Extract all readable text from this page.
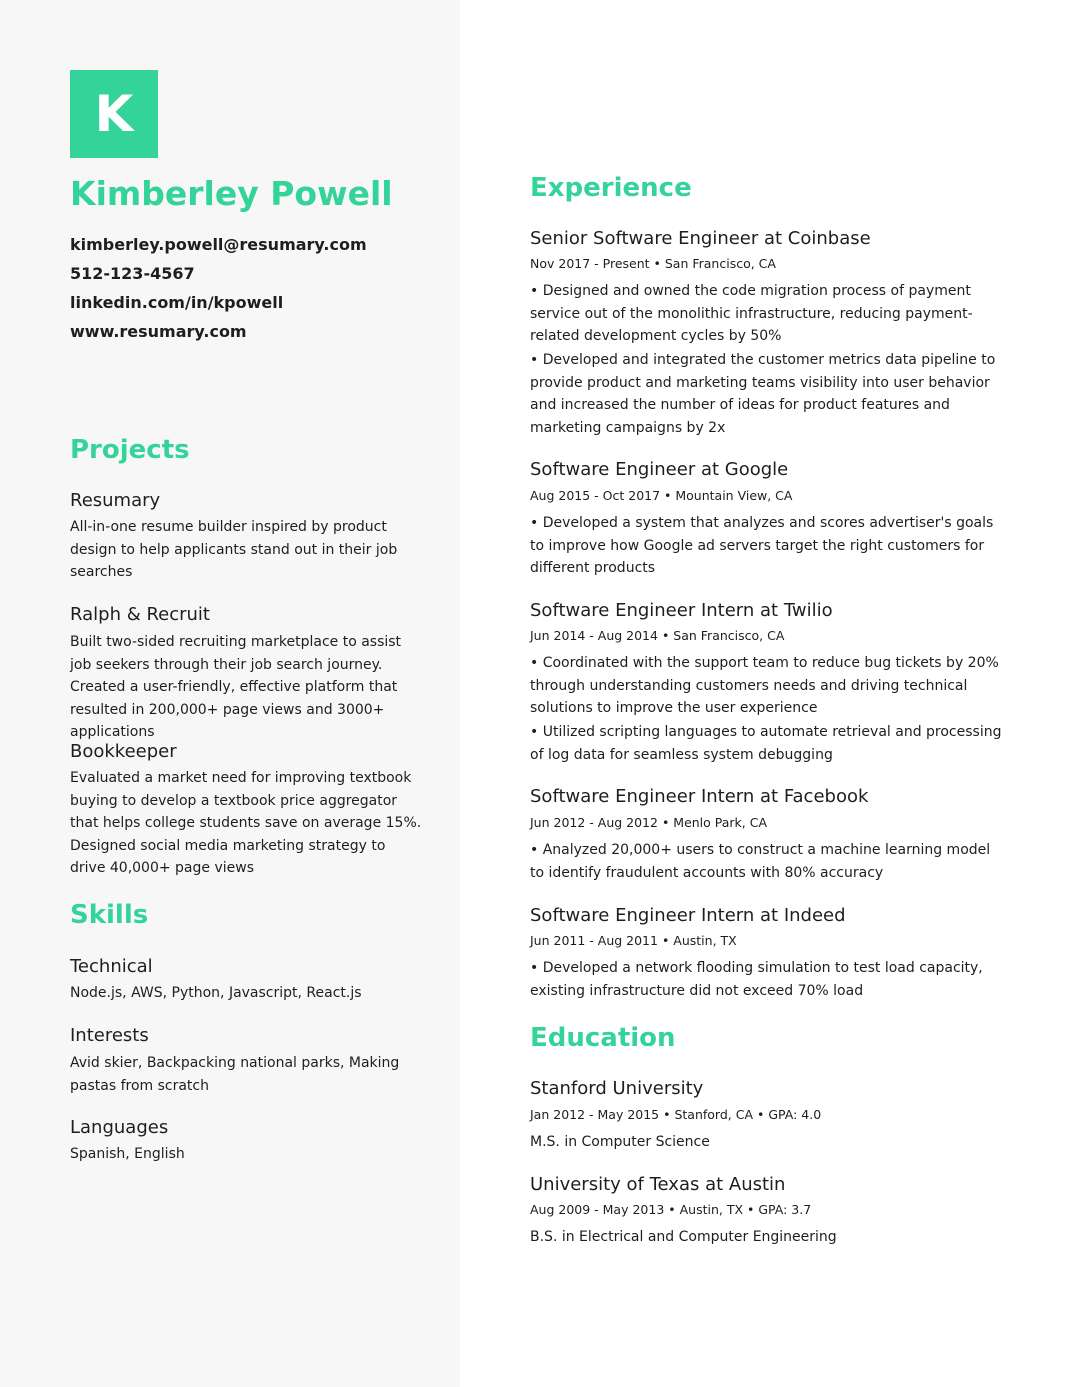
K
Kimberley Powell
kimberley.powell@resumary.com
512-123-4567
linkedin.com/in/kpowell
www.resumary.com
Projects
Resumary
All-in-one resume builder inspired by product design to help applicants stand out in their job searches
Ralph & Recruit
Built two-sided recruiting marketplace to assist job seekers through their job search journey. Created a user-friendly, effective platform that resulted in 200,000+ page views and 3000+ applications
Bookkeeper
Evaluated a market need for improving textbook buying to develop a textbook price aggregator that helps college students save on average 15%. Designed social media marketing strategy to drive 40,000+ page views
Skills
Technical
Node.js, AWS, Python, Javascript, React.js
Interests
Avid skier, Backpacking national parks, Making pastas from scratch
Languages
Spanish, English
Experience
Senior Software Engineer at Coinbase
Nov 2017 - Present • San Francisco, CA
• Designed and owned the code migration process of payment service out of the monolithic infrastructure, reducing payment-related development cycles by 50%
• Developed and integrated the customer metrics data pipeline to provide product and marketing teams visibility into user behavior and increased the number of ideas for product features and marketing campaigns by 2x
Software Engineer at Google
Aug 2015 - Oct 2017 • Mountain View, CA
• Developed a system that analyzes and scores advertiser's goals to improve how Google ad servers target the right customers for different products
Software Engineer Intern at Twilio
Jun 2014 - Aug 2014 • San Francisco, CA
• Coordinated with the support team to reduce bug tickets by 20% through understanding customers needs and driving technical solutions to improve the user experience
• Utilized scripting languages to automate retrieval and processing of log data for seamless system debugging
Software Engineer Intern at Facebook
Jun 2012 - Aug 2012 • Menlo Park, CA
• Analyzed 20,000+ users to construct a machine learning model to identify fraudulent accounts with 80% accuracy
Software Engineer Intern at Indeed
Jun 2011 - Aug 2011 • Austin, TX
• Developed a network flooding simulation to test load capacity, existing infrastructure did not exceed 70% load
Education
Stanford University
Jan 2012 - May 2015 • Stanford, CA • GPA: 4.0
M.S. in Computer Science
University of Texas at Austin
Aug 2009 - May 2013 • Austin, TX • GPA: 3.7
B.S. in Electrical and Computer Engineering
